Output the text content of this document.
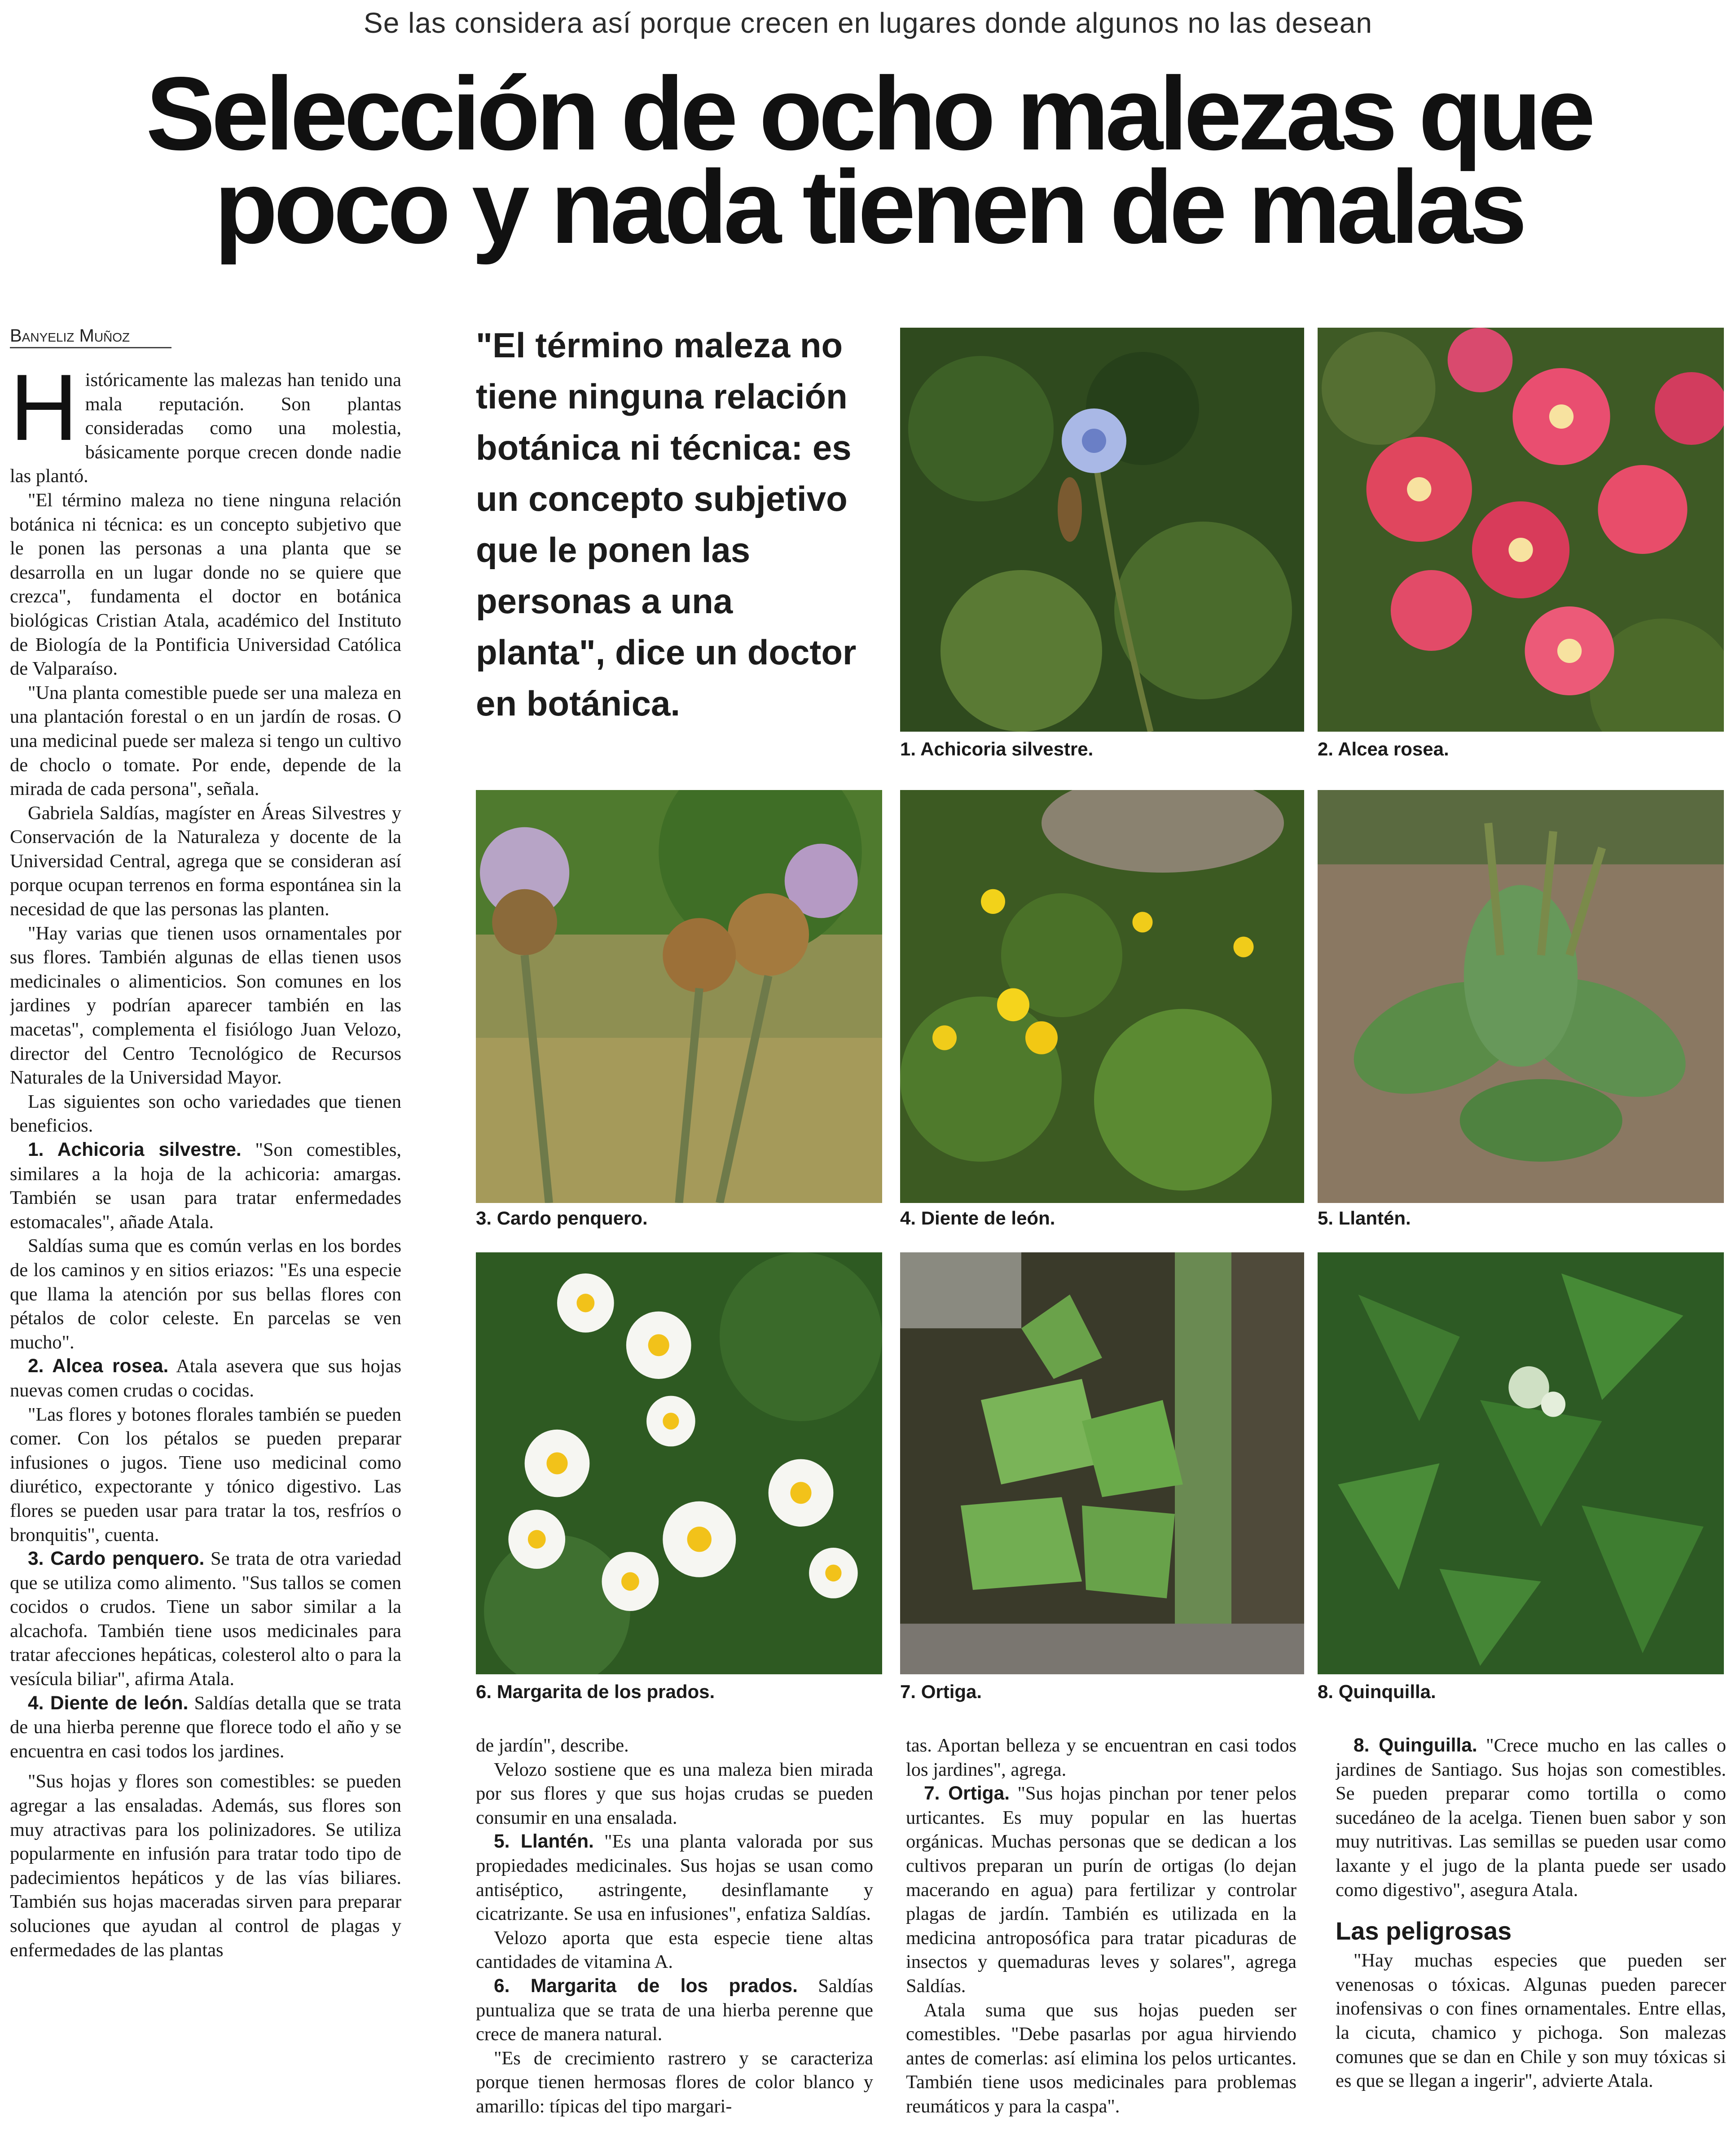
Se las considera así porque crecen en lugares donde algunos no las desean
Selección de ocho malezas que
poco y nada tienen de malas
Banyeliz Muñoz

Históricamente las malezas han tenido una mala reputación. Son plantas consideradas como una molestia, básicamente porque crecen donde nadie las plantó.

"El término maleza no tiene ninguna relación botánica ni técnica: es un concepto subjetivo que le ponen las personas a una planta que se desarrolla en un lugar donde no se quiere que crezca", fundamenta el doctor en botánica biológicas Cristian Atala, académico del Instituto de Biología de la Pontificia Universidad Católica de Valparaíso.

"Una planta comestible puede ser una maleza en una plantación forestal o en un jardín de rosas. O una medicinal puede ser maleza si tengo un cultivo de choclo o tomate. Por ende, depende de la mirada de cada persona", señala.

Gabriela Saldías, magíster en Áreas Silvestres y Conservación de la Naturaleza y docente de la Universidad Central, agrega que se consideran así porque ocupan terrenos en forma espontánea sin la necesidad de que las personas las planten.

"Hay varias que tienen usos ornamentales por sus flores. También algunas de ellas tienen usos medicinales o alimenticios. Son comunes en los jardines y podrían aparecer también en las macetas", complementa el fisiólogo Juan Velozo, director del Centro Tecnológico de Recursos Naturales de la Universidad Mayor.

Las siguientes son ocho variedades que tienen beneficios.

1. Achicoria silvestre. "Son comestibles, similares a la hoja de la achicoria: amargas. También se usan para tratar enfermedades estomacales", añade Atala.

Saldías suma que es común verlas en los bordes de los caminos y en sitios eriazos: "Es una especie que llama la atención por sus bellas flores con pétalos de color celeste. En parcelas se ven mucho".

2. Alcea rosea. Atala asevera que sus hojas nuevas comen crudas o cocidas.

"Las flores y botones florales también se pueden comer. Con los pétalos se pueden preparar infusiones o jugos. Tiene uso medicinal como diurético, expectorante y tónico digestivo. Las flores se pueden usar para tratar la tos, resfríos o bronquitis", cuenta.

3. Cardo penquero. Se trata de otra variedad que se utiliza como alimento. "Sus tallos se comen cocidos o crudos. Tiene un sabor similar a la alcachofa. También tiene usos medicinales para tratar afecciones hepáticas, colesterol alto o para la vesícula biliar", afirma Atala.

4. Diente de león. Saldías detalla que se trata de una hierba perenne que florece todo el año y se encuentra en casi todos los jardines.

"Sus hojas y flores son comestibles: se pueden agregar a las ensaladas. Además, sus flores son muy atractivas para los polinizadores. Se utiliza popularmente en infusión para tratar todo tipo de padecimientos hepáticos y de las vías biliares. También sus hojas maceradas sirven para preparar soluciones que ayudan al control de plagas y enfermedades de las plantas

"El término maleza no tiene ninguna relación botánica ni técnica: es un concepto subjetivo que le ponen las personas a una planta", dice un doctor en botánica.
1. Achicoria silvestre.	2. Alcea rosea.
3. Cardo penquero.	4. Diente de león.	5. Llantén.
6. Margarita de los prados.	7. Ortiga.	8. Quinquilla.

de jardín", describe.

Velozo sostiene que es una maleza bien mirada por sus flores y que sus hojas crudas se pueden consumir en una ensalada.

5. Llantén. "Es una planta valorada por sus propiedades medicinales. Sus hojas se usan como antiséptico, astringente, desinflamante y cicatrizante. Se usa en infusiones", enfatiza Saldías.

Velozo aporta que esta especie tiene altas cantidades de vitamina A.

6. Margarita de los prados. Saldías puntualiza que se trata de una hierba perenne que crece de manera natural.

"Es de crecimiento rastrero y se caracteriza porque tienen hermosas flores de color blanco y amarillo: típicas del tipo margari-

tas. Aportan belleza y se encuentran en casi todos los jardines", agrega.

7. Ortiga. "Sus hojas pinchan por tener pelos urticantes. Es muy popular en las huertas orgánicas. Muchas personas que se dedican a los cultivos preparan un purín de ortigas (lo dejan macerando en agua) para fertilizar y controlar plagas de jardín. También es utilizada en la medicina antroposófica para tratar picaduras de insectos y quemaduras leves y solares", agrega Saldías.

Atala suma que sus hojas pueden ser comestibles. "Debe pasarlas por agua hirviendo antes de comerlas: así elimina los pelos urticantes. También tiene usos medicinales para problemas reumáticos y para la caspa".

8. Quinguilla. "Crece mucho en las calles o jardines de Santiago. Sus hojas son comestibles. Se pueden preparar como tortilla o como sucedáneo de la acelga. Tienen buen sabor y son muy nutritivas. Las semillas se pueden usar como laxante y el jugo de la planta puede ser usado como digestivo", asegura Atala.

Las peligrosas

"Hay muchas especies que pueden ser venenosas o tóxicas. Algunas pueden parecer inofensivas o con fines ornamentales. Entre ellas, la cicuta, chamico y pichoga. Son malezas comunes que se dan en Chile y son muy tóxicas si es que se llegan a ingerir", advierte Atala.
